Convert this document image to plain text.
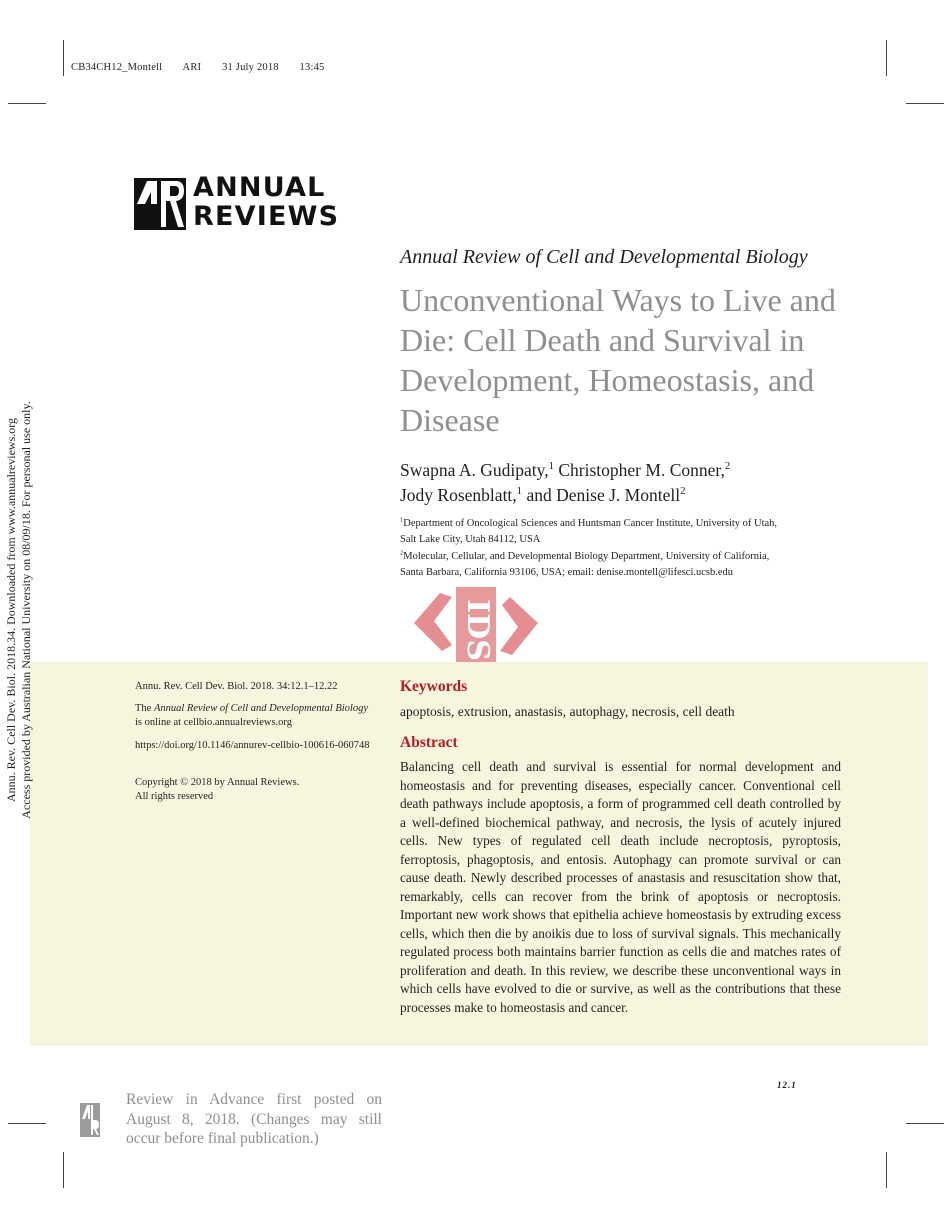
CB34CH12_Montell ARI 31 July 2018 13:45
ANNUAL
REVIEWS
Annual Review of Cell and Developmental Biology
Unconventional Ways to Live and Die: Cell Death and Survival in Development, Homeostasis, and Disease
Swapna A. Gudipaty,$^1$ Christopher M. Conner,$^2$
Jody Rosenblatt,$^1$ and Denise J. Montell$^2$
$^1$Department of Oncological Sciences and Huntsman Cancer Institute, University of Utah,
Salt Lake City, Utah 84112, USA
$^2$Molecular, Cellular, and Developmental Biology Department, University of California,
Santa Barbara, California 93106, USA; email: denise.montell@lifesci.ucsb.edu
IDS
Annu. Rev. Cell Dev. Biol. 2018. 34:12.1–12.22
The Annual Review of Cell and Developmental Biology is online at cellbio.annualreviews.org
https://doi.org/10.1146/annurev-cellbio-100616-060748
Copyright © 2018 by Annual Reviews.
All rights reserved
Keywords
apoptosis, extrusion, anastasis, autophagy, necrosis, cell death
Abstract
Balancing cell death and survival is essential for normal development and homeostasis and for preventing diseases, especially cancer. Conventional cell death pathways include apoptosis, a form of programmed cell death controlled by a well-defined biochemical pathway, and necrosis, the lysis of acutely injured cells. New types of regulated cell death include necroptosis, pyroptosis, ferroptosis, phagoptosis, and entosis. Autophagy can promote survival or can cause death. Newly described processes of anastasis and resuscitation show that, remarkably, cells can recover from the brink of apoptosis or necroptosis. Important new work shows that epithelia achieve homeostasis by extruding excess cells, which then die by anoikis due to loss of survival signals. This mechanically regulated process both maintains barrier function as cells die and matches rates of proliferation and death. In this review, we describe these unconventional ways in which cells have evolved to die or survive, as well as the contributions that these processes make to homeostasis and cancer.
Annu. Rev. Cell Dev. Biol. 2018.34. Downloaded from www.annualreviews.org Access provided by Australian National University on 08/09/18. For personal use only.
12.1
Review in Advance first posted on August 8, 2018. (Changes may still occur before final publication.)
